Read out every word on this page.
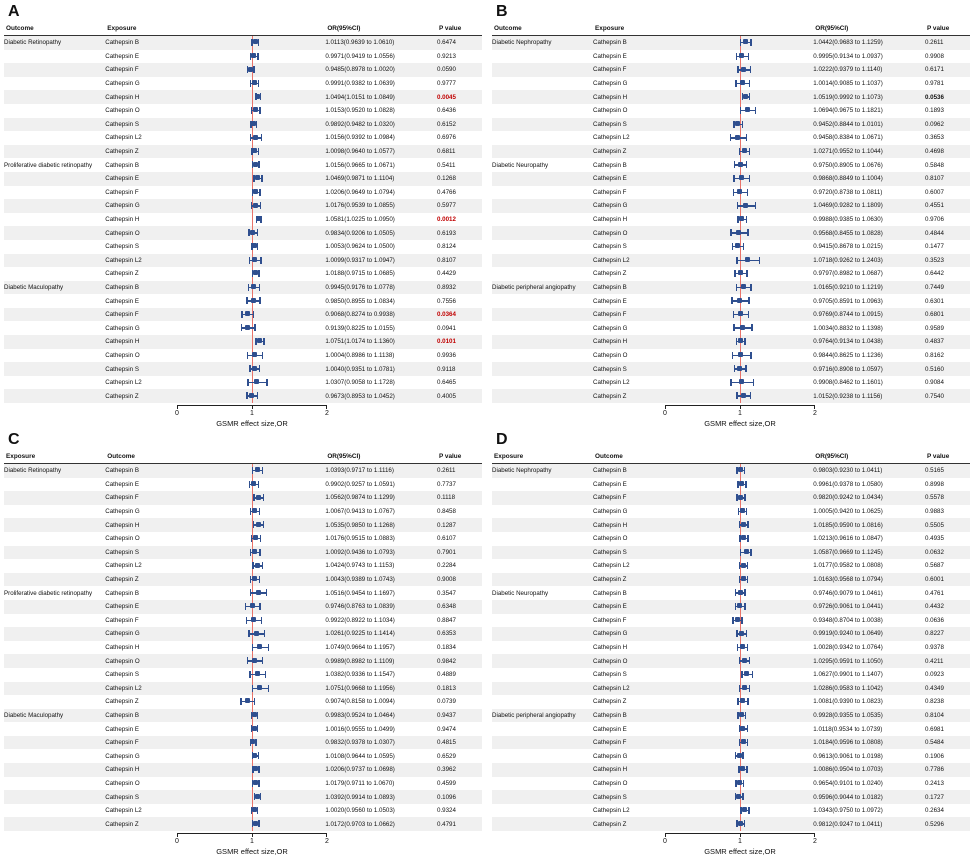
A
Outcome	Exposure		OR(95%CI)	P value
Diabetic Retinopathy	Cathepsin B		1.0113(0.9639 to 1.0610)	0.6474
	Cathepsin E		0.9971(0.9419 to 1.0556)	0.9213
	Cathepsin F		0.9485(0.8978 to 1.0020)	0.0590
	Cathepsin G		0.9991(0.9382 to 1.0639)	0.9777
	Cathepsin H		1.0494(1.0151 to 1.0849)	0.0045
	Cathepsin O		1.0153(0.9520 to 1.0828)	0.6436
	Cathepsin S		0.9892(0.9482 to 1.0320)	0.6152
	Cathepsin L2		1.0156(0.9392 to 1.0984)	0.6976
	Cathepsin Z		1.0098(0.9640 to 1.0577)	0.6811
Proliferative diabetic retinopathy	Cathepsin B		1.0156(0.9665 to 1.0671)	0.5411
	Cathepsin E		1.0469(0.9871 to 1.1104)	0.1268
	Cathepsin F		1.0206(0.9649 to 1.0794)	0.4766
	Cathepsin G		1.0176(0.9539 to 1.0855)	0.5977
	Cathepsin H		1.0581(1.0225 to 1.0950)	0.0012
	Cathepsin O		0.9834(0.9206 to 1.0505)	0.6193
	Cathepsin S		1.0053(0.9624 to 1.0500)	0.8124
	Cathepsin L2		1.0099(0.9317 to 1.0947)	0.8107
	Cathepsin Z		1.0188(0.9715 to 1.0685)	0.4429
Diabetic Maculopathy	Cathepsin B		0.9945(0.9176 to 1.0778)	0.8932
	Cathepsin E		0.9850(0.8955 to 1.0834)	0.7556
	Cathepsin F		0.9068(0.8274 to 0.9938)	0.0364
	Cathepsin G		0.9139(0.8225 to 1.0155)	0.0941
	Cathepsin H		1.0751(1.0174 to 1.1360)	0.0101
	Cathepsin O		1.0004(0.8986 to 1.1138)	0.9936
	Cathepsin S		1.0040(0.9351 to 1.0781)	0.9118
	Cathepsin L2		1.0307(0.9058 to 1.1728)	0.6465
	Cathepsin Z		0.9673(0.8953 to 1.0452)	0.4005
0	1	2
GSMR effect size,OR
B
Outcome	Exposure		OR(95%CI)	P value
Diabetic Nephropathy	Cathepsin B		1.0442(0.9683 to 1.1259)	0.2611
	Cathepsin E		0.9995(0.9134 to 1.0937)	0.9908
	Cathepsin F		1.0222(0.9379 to 1.1140)	0.6171
	Cathepsin G		1.0014(0.9085 to 1.1037)	0.9781
	Cathepsin H		1.0519(0.9992 to 1.1073)	0.0536
	Cathepsin O		1.0694(0.9675 to 1.1821)	0.1893
	Cathepsin S		0.9452(0.8844 to 1.0101)	0.0962
	Cathepsin L2		0.9458(0.8384 to 1.0671)	0.3653
	Cathepsin Z		1.0271(0.9552 to 1.1044)	0.4698
Diabetic Neuropathy	Cathepsin B		0.9750(0.8905 to 1.0676)	0.5848
	Cathepsin E		0.9868(0.8849 to 1.1004)	0.8107
	Cathepsin F		0.9720(0.8738 to 1.0811)	0.6007
	Cathepsin G		1.0469(0.9282 to 1.1809)	0.4551
	Cathepsin H		0.9988(0.9385 to 1.0630)	0.9706
	Cathepsin O		0.9568(0.8455 to 1.0828)	0.4844
	Cathepsin S		0.9415(0.8678 to 1.0215)	0.1477
	Cathepsin L2		1.0718(0.9262 to 1.2403)	0.3523
	Cathepsin Z		0.9797(0.8982 to 1.0687)	0.6442
Diabetic peripheral angiopathy	Cathepsin B		1.0165(0.9210 to 1.1219)	0.7449
	Cathepsin E		0.9705(0.8591 to 1.0963)	0.6301
	Cathepsin F		0.9769(0.8744 to 1.0915)	0.6801
	Cathepsin G		1.0034(0.8832 to 1.1398)	0.9589
	Cathepsin H		0.9764(0.9134 to 1.0438)	0.4837
	Cathepsin O		0.9844(0.8625 to 1.1236)	0.8162
	Cathepsin S		0.9716(0.8908 to 1.0597)	0.5160
	Cathepsin L2		0.9908(0.8462 to 1.1601)	0.9084
	Cathepsin Z		1.0152(0.9238 to 1.1156)	0.7540
0	1	2
GSMR effect size,OR
C
Exposure	Outcome		OR(95%CI)	P value
Diabetic Retinopathy	Cathepsin B		1.0393(0.9717 to 1.1116)	0.2611
	Cathepsin E		0.9902(0.9257 to 1.0591)	0.7737
	Cathepsin F		1.0562(0.9874 to 1.1299)	0.1118
	Cathepsin G		1.0067(0.9413 to 1.0767)	0.8458
	Cathepsin H		1.0535(0.9850 to 1.1268)	0.1287
	Cathepsin O		1.0176(0.9515 to 1.0883)	0.6107
	Cathepsin S		1.0092(0.9436 to 1.0793)	0.7901
	Cathepsin L2		1.0424(0.9743 to 1.1153)	0.2284
	Cathepsin Z		1.0043(0.9389 to 1.0743)	0.9008
Proliferative diabetic retinopathy	Cathepsin B		1.0516(0.9454 to 1.1697)	0.3547
	Cathepsin E		0.9746(0.8763 to 1.0839)	0.6348
	Cathepsin F		0.9922(0.8922 to 1.1034)	0.8847
	Cathepsin G		1.0261(0.9225 to 1.1414)	0.6353
	Cathepsin H		1.0749(0.9664 to 1.1957)	0.1834
	Cathepsin O		0.9989(0.8982 to 1.1109)	0.9842
	Cathepsin S		1.0382(0.9336 to 1.1547)	0.4889
	Cathepsin L2		1.0751(0.9668 to 1.1956)	0.1813
	Cathepsin Z		0.9074(0.8158 to 1.0094)	0.0739
Diabetic Maculopathy	Cathepsin B		0.9983(0.9524 to 1.0464)	0.9437
	Cathepsin E		1.0016(0.9555 to 1.0499)	0.9474
	Cathepsin F		0.9832(0.9378 to 1.0307)	0.4815
	Cathepsin G		1.0108(0.9644 to 1.0595)	0.6529
	Cathepsin H		1.0206(0.9737 to 1.0698)	0.3962
	Cathepsin O		1.0179(0.9711 to 1.0670)	0.4599
	Cathepsin S		1.0392(0.9914 to 1.0893)	0.1096
	Cathepsin L2		1.0020(0.9560 to 1.0503)	0.9324
	Cathepsin Z		1.0172(0.9703 to 1.0662)	0.4791
0	1	2
GSMR effect size,OR
D
Exposure	Outcome		OR(95%CI)	P value
Diabetic Nephropathy	Cathepsin B		0.9803(0.9230 to 1.0411)	0.5165
	Cathepsin E		0.9961(0.9378 to 1.0580)	0.8998
	Cathepsin F		0.9820(0.9242 to 1.0434)	0.5578
	Cathepsin G		1.0005(0.9420 to 1.0625)	0.9883
	Cathepsin H		1.0185(0.9590 to 1.0816)	0.5505
	Cathepsin O		1.0213(0.9616 to 1.0847)	0.4935
	Cathepsin S		1.0587(0.9669 to 1.1245)	0.0632
	Cathepsin L2		1.0177(0.9582 to 1.0808)	0.5687
	Cathepsin Z		1.0163(0.9568 to 1.0794)	0.6001
Diabetic Neuropathy	Cathepsin B		0.9746(0.9079 to 1.0461)	0.4761
	Cathepsin E		0.9726(0.9061 to 1.0441)	0.4432
	Cathepsin F		0.9348(0.8704 to 1.0038)	0.0636
	Cathepsin G		0.9919(0.9240 to 1.0649)	0.8227
	Cathepsin H		1.0028(0.9342 to 1.0764)	0.9378
	Cathepsin O		1.0295(0.9591 to 1.1050)	0.4211
	Cathepsin S		1.0627(0.9901 to 1.1407)	0.0923
	Cathepsin L2		1.0286(0.9583 to 1.1042)	0.4349
	Cathepsin Z		1.0081(0.9390 to 1.0823)	0.8238
Diabetic peripheral angiopathy	Cathepsin B		0.9928(0.9355 to 1.0535)	0.8104
	Cathepsin E		1.0118(0.9534 to 1.0739)	0.6981
	Cathepsin F		1.0184(0.9596 to 1.0808)	0.5484
	Cathepsin G		0.9613(0.9061 to 1.0198)	0.1906
	Cathepsin H		1.0086(0.9504 to 1.0703)	0.7786
	Cathepsin O		0.9654(0.9101 to 1.0240)	0.2413
	Cathepsin S		0.9596(0.9044 to 1.0182)	0.1727
	Cathepsin L2		1.0343(0.9750 to 1.0972)	0.2634
	Cathepsin Z		0.9812(0.9247 to 1.0411)	0.5296
0	1	2
GSMR effect size,OR
